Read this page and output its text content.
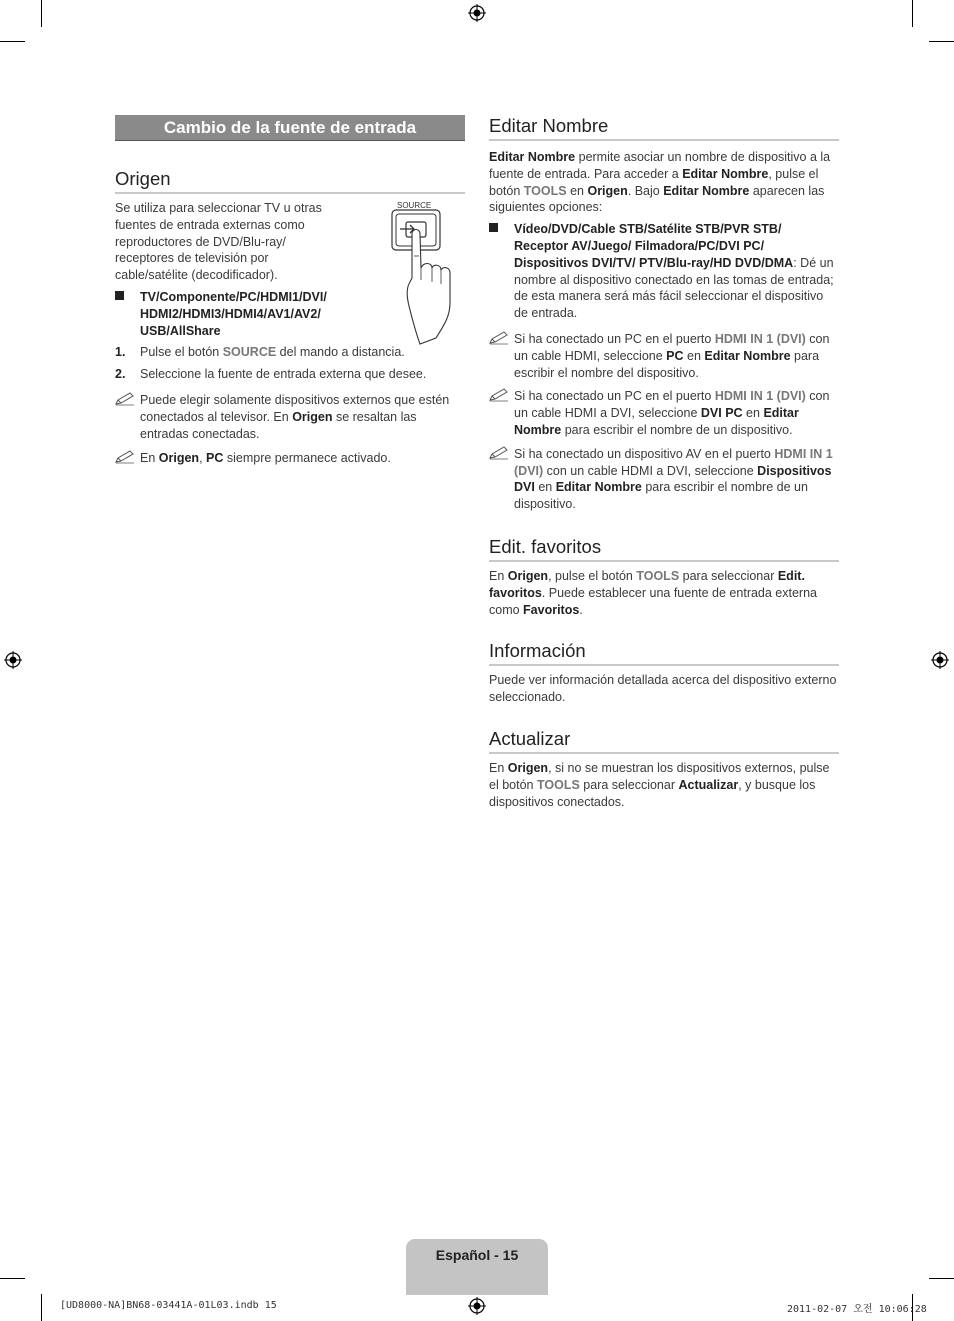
Cambio de la fuente de entrada
Origen

Se utiliza para seleccionar TV u otras fuentes de entrada externas como reproductores de DVD/Blu-ray/ receptores de televisión por cable/satélite (decodificador).

SOURCE
TV/Componente/PC/HDMI1/DVI/ HDMI2/HDMI3/HDMI4/AV1/AV2/ USB/AllShare
1. Pulse el botón SOURCE del mando a distancia.
2. Seleccione la fuente de entrada externa que desee.
Puede elegir solamente dispositivos externos que estén conectados al televisor. En Origen se resaltan las entradas conectadas.
En Origen, PC siempre permanece activado.
Editar Nombre

Editar Nombre permite asociar un nombre de dispositivo a la fuente de entrada. Para acceder a Editar Nombre, pulse el botón TOOLS en Origen. Bajo Editar Nombre aparecen las siguientes opciones:

Vídeo/DVD/Cable STB/Satélite STB/PVR STB/ Receptor AV/Juego/ Filmadora/PC/DVI PC/ Dispositivos DVI/TV/ PTV/Blu-ray/HD DVD/DMA: Dé un nombre al dispositivo conectado en las tomas de entrada; de esta manera será más fácil seleccionar el dispositivo de entrada.
Si ha conectado un PC en el puerto HDMI IN 1 (DVI) con un cable HDMI, seleccione PC en Editar Nombre para escribir el nombre del dispositivo.
Si ha conectado un PC en el puerto HDMI IN 1 (DVI) con un cable HDMI a DVI, seleccione DVI PC en Editar Nombre para escribir el nombre de un dispositivo.
Si ha conectado un dispositivo AV en el puerto HDMI IN 1 (DVI) con un cable HDMI a DVI, seleccione Dispositivos DVI en Editar Nombre para escribir el nombre de un dispositivo.
Edit. favoritos

En Origen, pulse el botón TOOLS para seleccionar Edit. favoritos. Puede establecer una fuente de entrada externa como Favoritos.

Información

Puede ver información detallada acerca del dispositivo externo seleccionado.

Actualizar

En Origen, si no se muestran los dispositivos externos, pulse el botón TOOLS para seleccionar Actualizar, y busque los dispositivos conectados.

Español - 15
[UD8000-NA]BN68-03441A-01L03.indb 15	2011-02-07 오전 10:06:28
